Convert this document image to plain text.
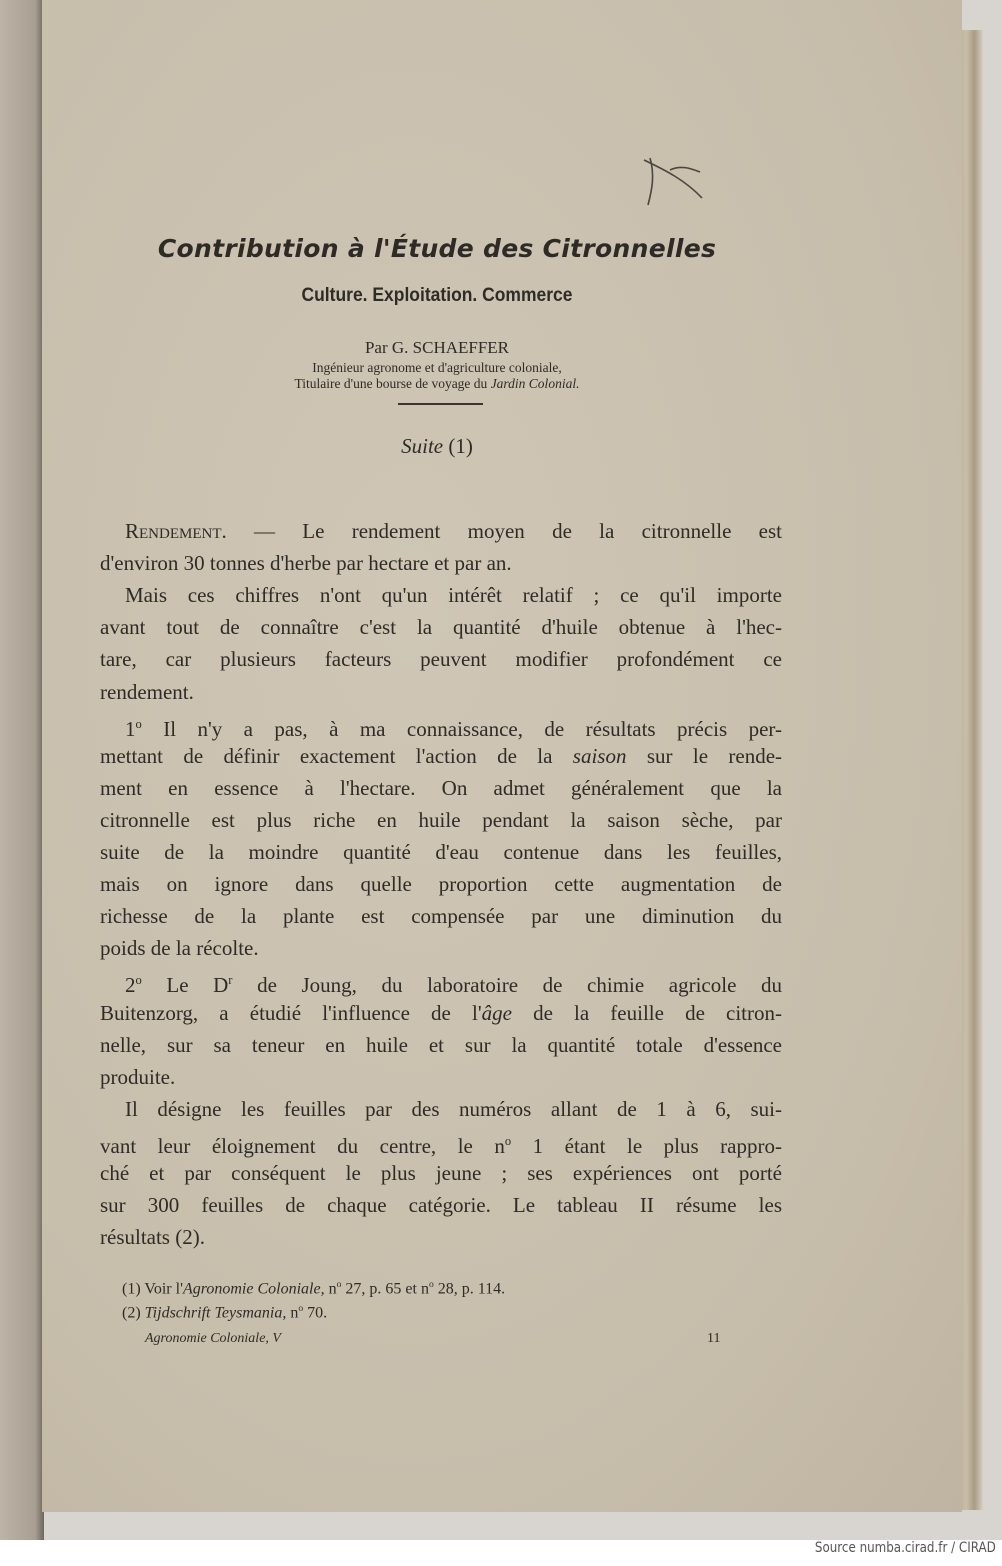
Contribution à l'Étude des Citronnelles
Culture. Exploitation. Commerce
Par G. SCHAEFFER
Ingénieur agronome et d'agriculture coloniale,
Titulaire d'une bourse de voyage du Jardin Colonial.
Suite (1)
Rendement. — Le rendement moyen de la citronnelle est
d'environ 30 tonnes d'herbe par hectare et par an.
Mais ces chiffres n'ont qu'un intérêt relatif ; ce qu'il importe
avant tout de connaître c'est la quantité d'huile obtenue à l'hec-
tare, car plusieurs facteurs peuvent modifier profondément ce
rendement.
1$^o$ Il n'y a pas, à ma connaissance, de résultats précis per-
mettant de définir exactement l'action de la saison sur le rende-
ment en essence à l'hectare. On admet généralement que la
citronnelle est plus riche en huile pendant la saison sèche, par
suite de la moindre quantité d'eau contenue dans les feuilles,
mais on ignore dans quelle proportion cette augmentation de
richesse de la plante est compensée par une diminution du
poids de la récolte.
2$^o$ Le $D^r$ de Joung, du laboratoire de chimie agricole du
Buitenzorg, a étudié l'influence de l'âge de la feuille de citron-
nelle, sur sa teneur en huile et sur la quantité totale d'essence
produite.
Il désigne les feuilles par des numéros allant de 1 à 6, sui-
vant leur éloignement du centre, le $n^o$ 1 étant le plus rappro-
ché et par conséquent le plus jeune ; ses expériences ont porté
sur 300 feuilles de chaque catégorie. Le tableau II résume les
résultats (2).
(1) Voir l'Agronomie Coloniale, $n^o$ 27, p. 65 et $n^o$ 28, p. 114.
(2) Tijdschrift Teysmania, $n^o$ 70.
Agronomie Coloniale, V	11
Source numba.cirad.fr / CIRAD
